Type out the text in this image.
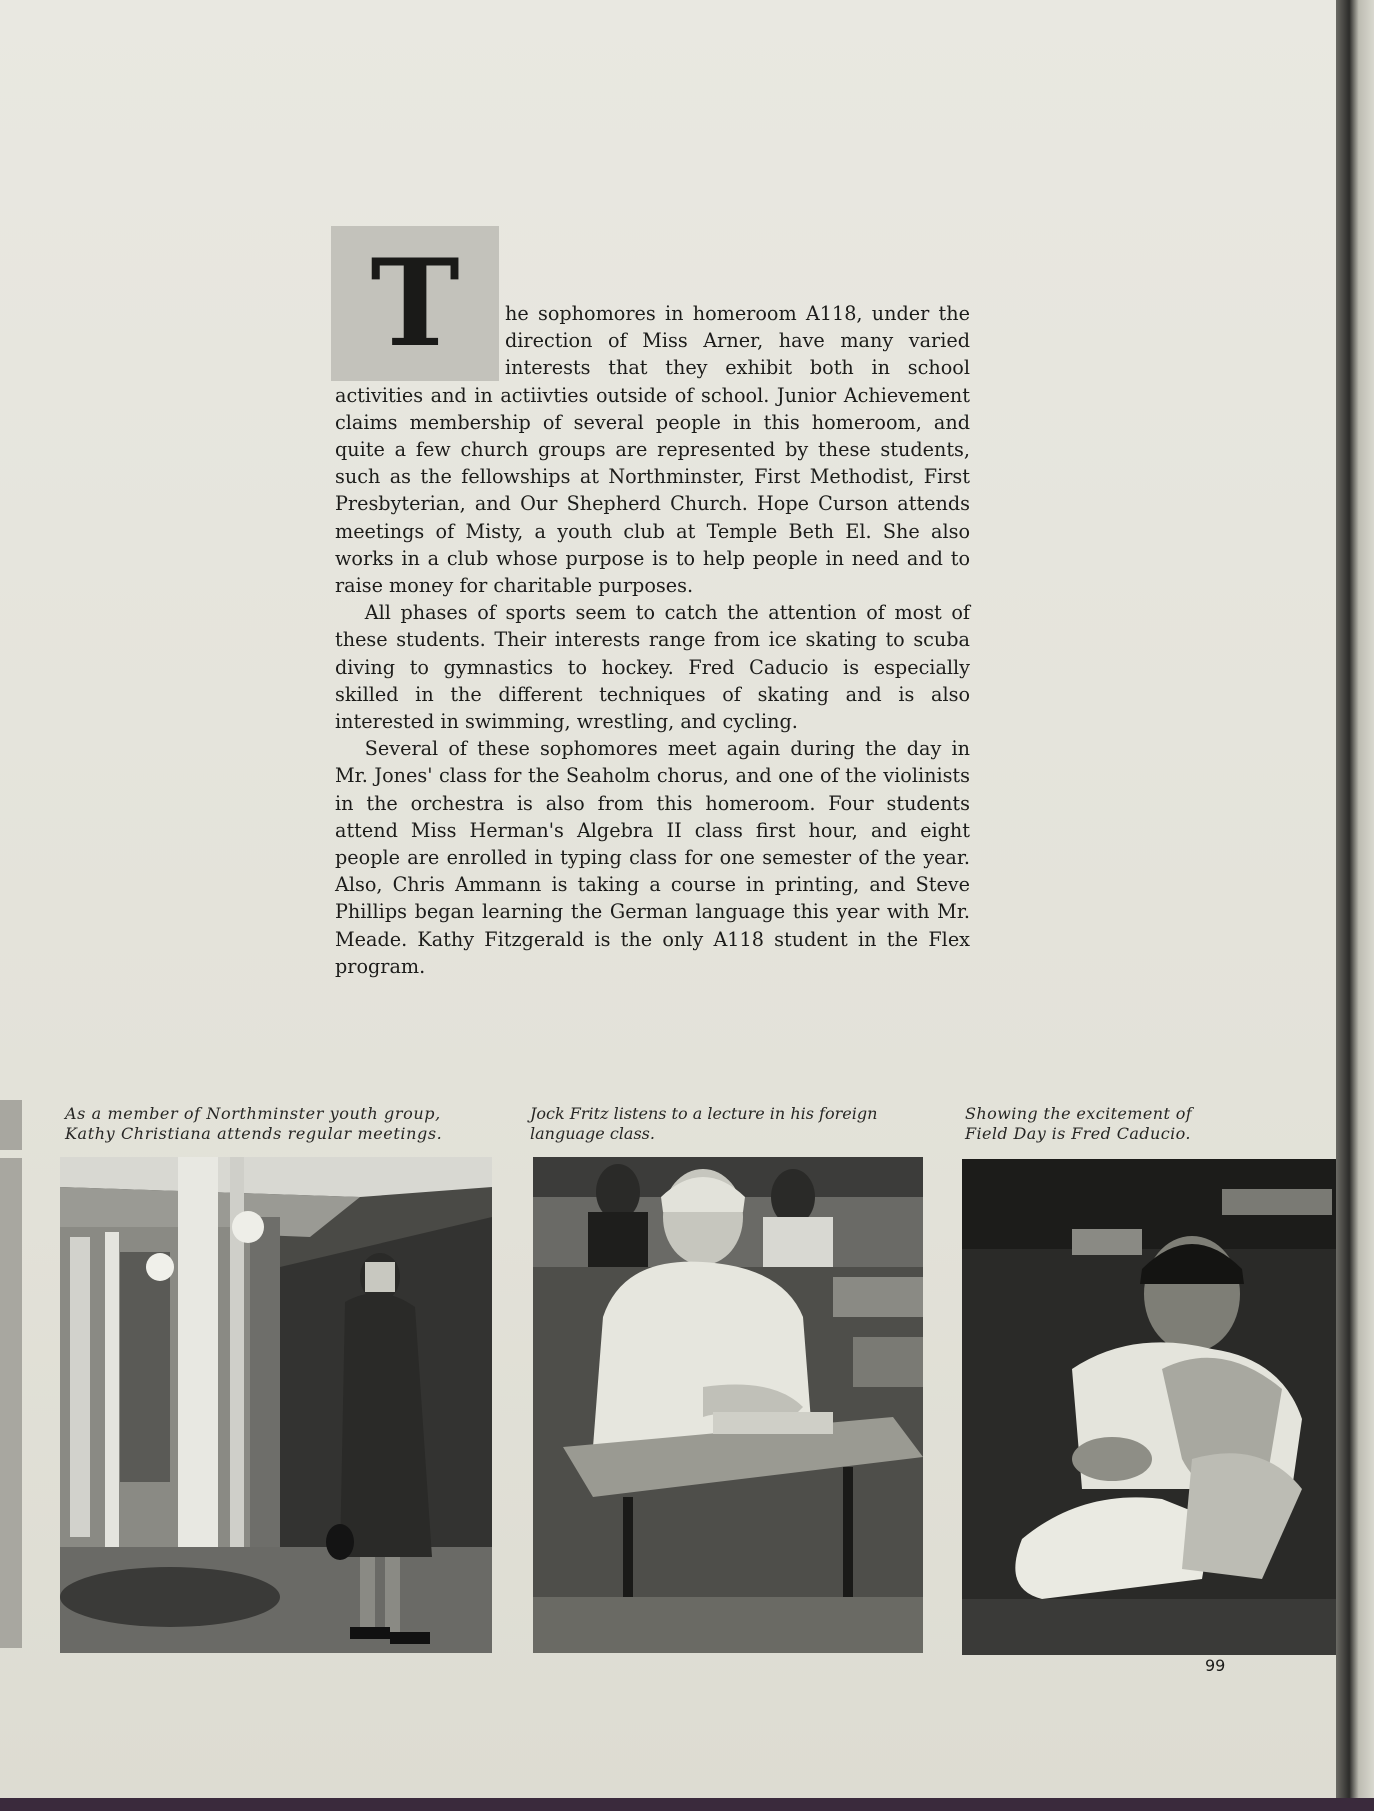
T	he sophomores in homeroom A118, under the direction of Miss Arner, have many varied interests that they exhibit both in school activities and in actiivties outside of school. Junior Achievement claims membership of several people in this homeroom, and quite a few church groups are represented by these students, such as the fellowships at Northminster, First Methodist, First Presbyterian, and Our Shepherd Church. Hope Curson attends meetings of Misty, a youth club at Temple Beth El. She also works in a club whose purpose is to help people in need and to raise money for charitable purposes.

All phases of sports seem to catch the attention of most of these students. Their interests range from ice skating to scuba diving to gymnastics to hockey. Fred Caducio is especially skilled in the different techniques of skating and is also interested in swimming, wrestling, and cycling.

Several of these sophomores meet again during the day in Mr. Jones' class for the Seaholm chorus, and one of the violinists in the orchestra is also from this homeroom. Four students attend Miss Herman's Algebra II class first hour, and eight people are enrolled in typing class for one semester of the year. Also, Chris Ammann is taking a course in printing, and Steve Phillips began learning the German language this year with Mr. Meade. Kathy Fitzgerald is the only A118 student in the Flex program.

As a member of Northminster youth group, Kathy Christiana attends regular meetings.
Jock Fritz listens to a lecture in his foreign language class.
Showing the excitement of Field Day is Fred Caducio.
99
